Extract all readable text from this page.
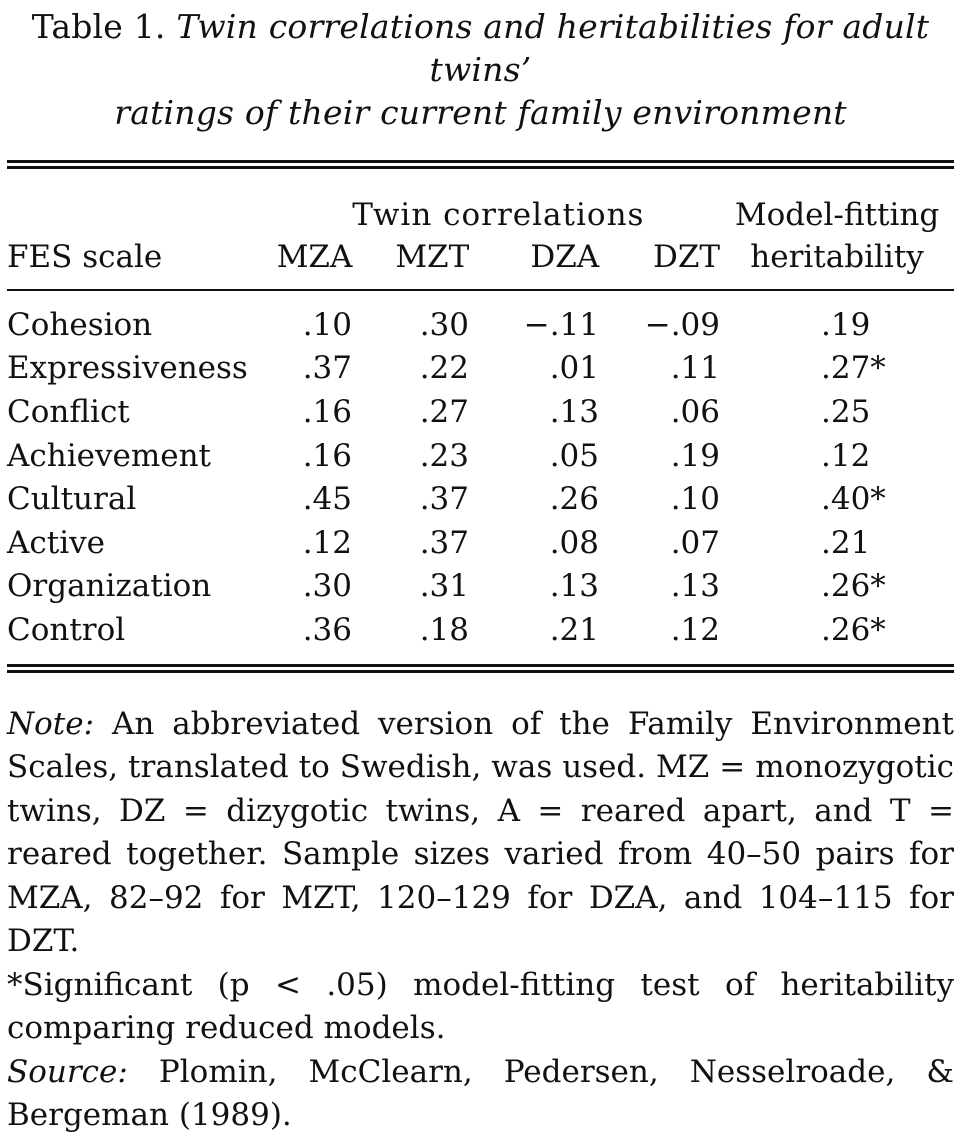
Table 1. Twin correlations and heritabilities for adult twins’
ratings of their current family environment
	Twin correlations				Model-fitting
FES scale	MZA	MZT	DZA	DZT	heritability
Cohesion	.10	.30	−.11	−.09	.19
Expressiveness	.37	.22	.01	.11	.27*
Conflict	.16	.27	.13	.06	.25
Achievement	.16	.23	.05	.19	.12
Cultural	.45	.37	.26	.10	.40*
Active	.12	.37	.08	.07	.21
Organization	.30	.31	.13	.13	.26*
Control	.36	.18	.21	.12	.26*

Note: An abbreviated version of the Family Environment Scales, translated to Swedish, was used. MZ = monozygotic twins, DZ = dizygotic twins, A = reared apart, and T = reared together. Sample sizes varied from 40–50 pairs for MZA, 82–92 for MZT, 120–129 for DZA, and 104–115 for DZT.

*Significant (p < .05) model-fitting test of heritability comparing reduced models.

Source: Plomin, McClearn, Pedersen, Nesselroade, & Bergeman (1989).
